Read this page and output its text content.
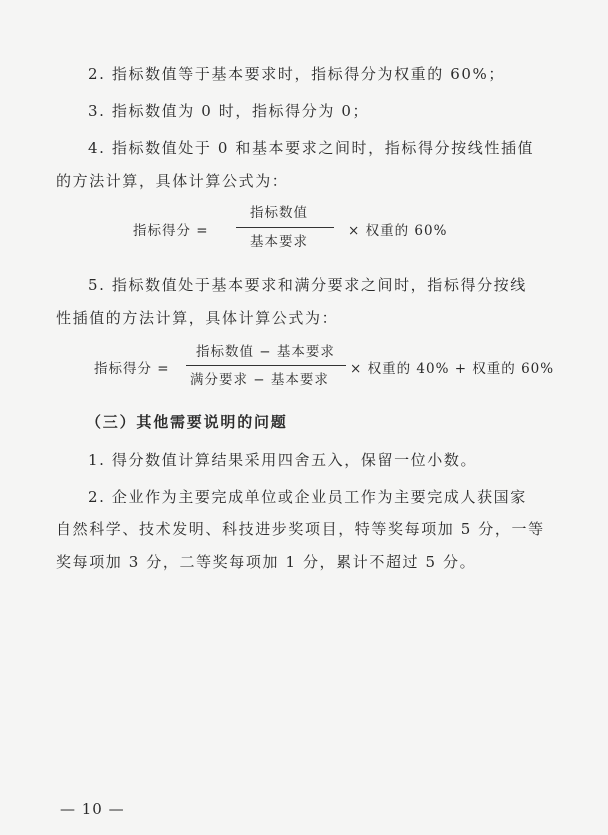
2. 指标数值等于基本要求时，指标得分为权重的 60%；
3. 指标数值为 0 时，指标得分为 0；
4. 指标数值处于 0 和基本要求之间时，指标得分按线性插值
的方法计算，具体计算公式为：
指标得分 =
指标数值
基本要求
× 权重的 60%
5. 指标数值处于基本要求和满分要求之间时，指标得分按线
性插值的方法计算，具体计算公式为：
指标得分 =
指标数值 − 基本要求
满分要求 − 基本要求
× 权重的 40% + 权重的 60%
（三）其他需要说明的问题
1. 得分数值计算结果采用四舍五入，保留一位小数。
2. 企业作为主要完成单位或企业员工作为主要完成人获国家
自然科学、技术发明、科技进步奖项目，特等奖每项加 5 分，一等
奖每项加 3 分，二等奖每项加 1 分，累计不超过 5 分。
— 10 —
